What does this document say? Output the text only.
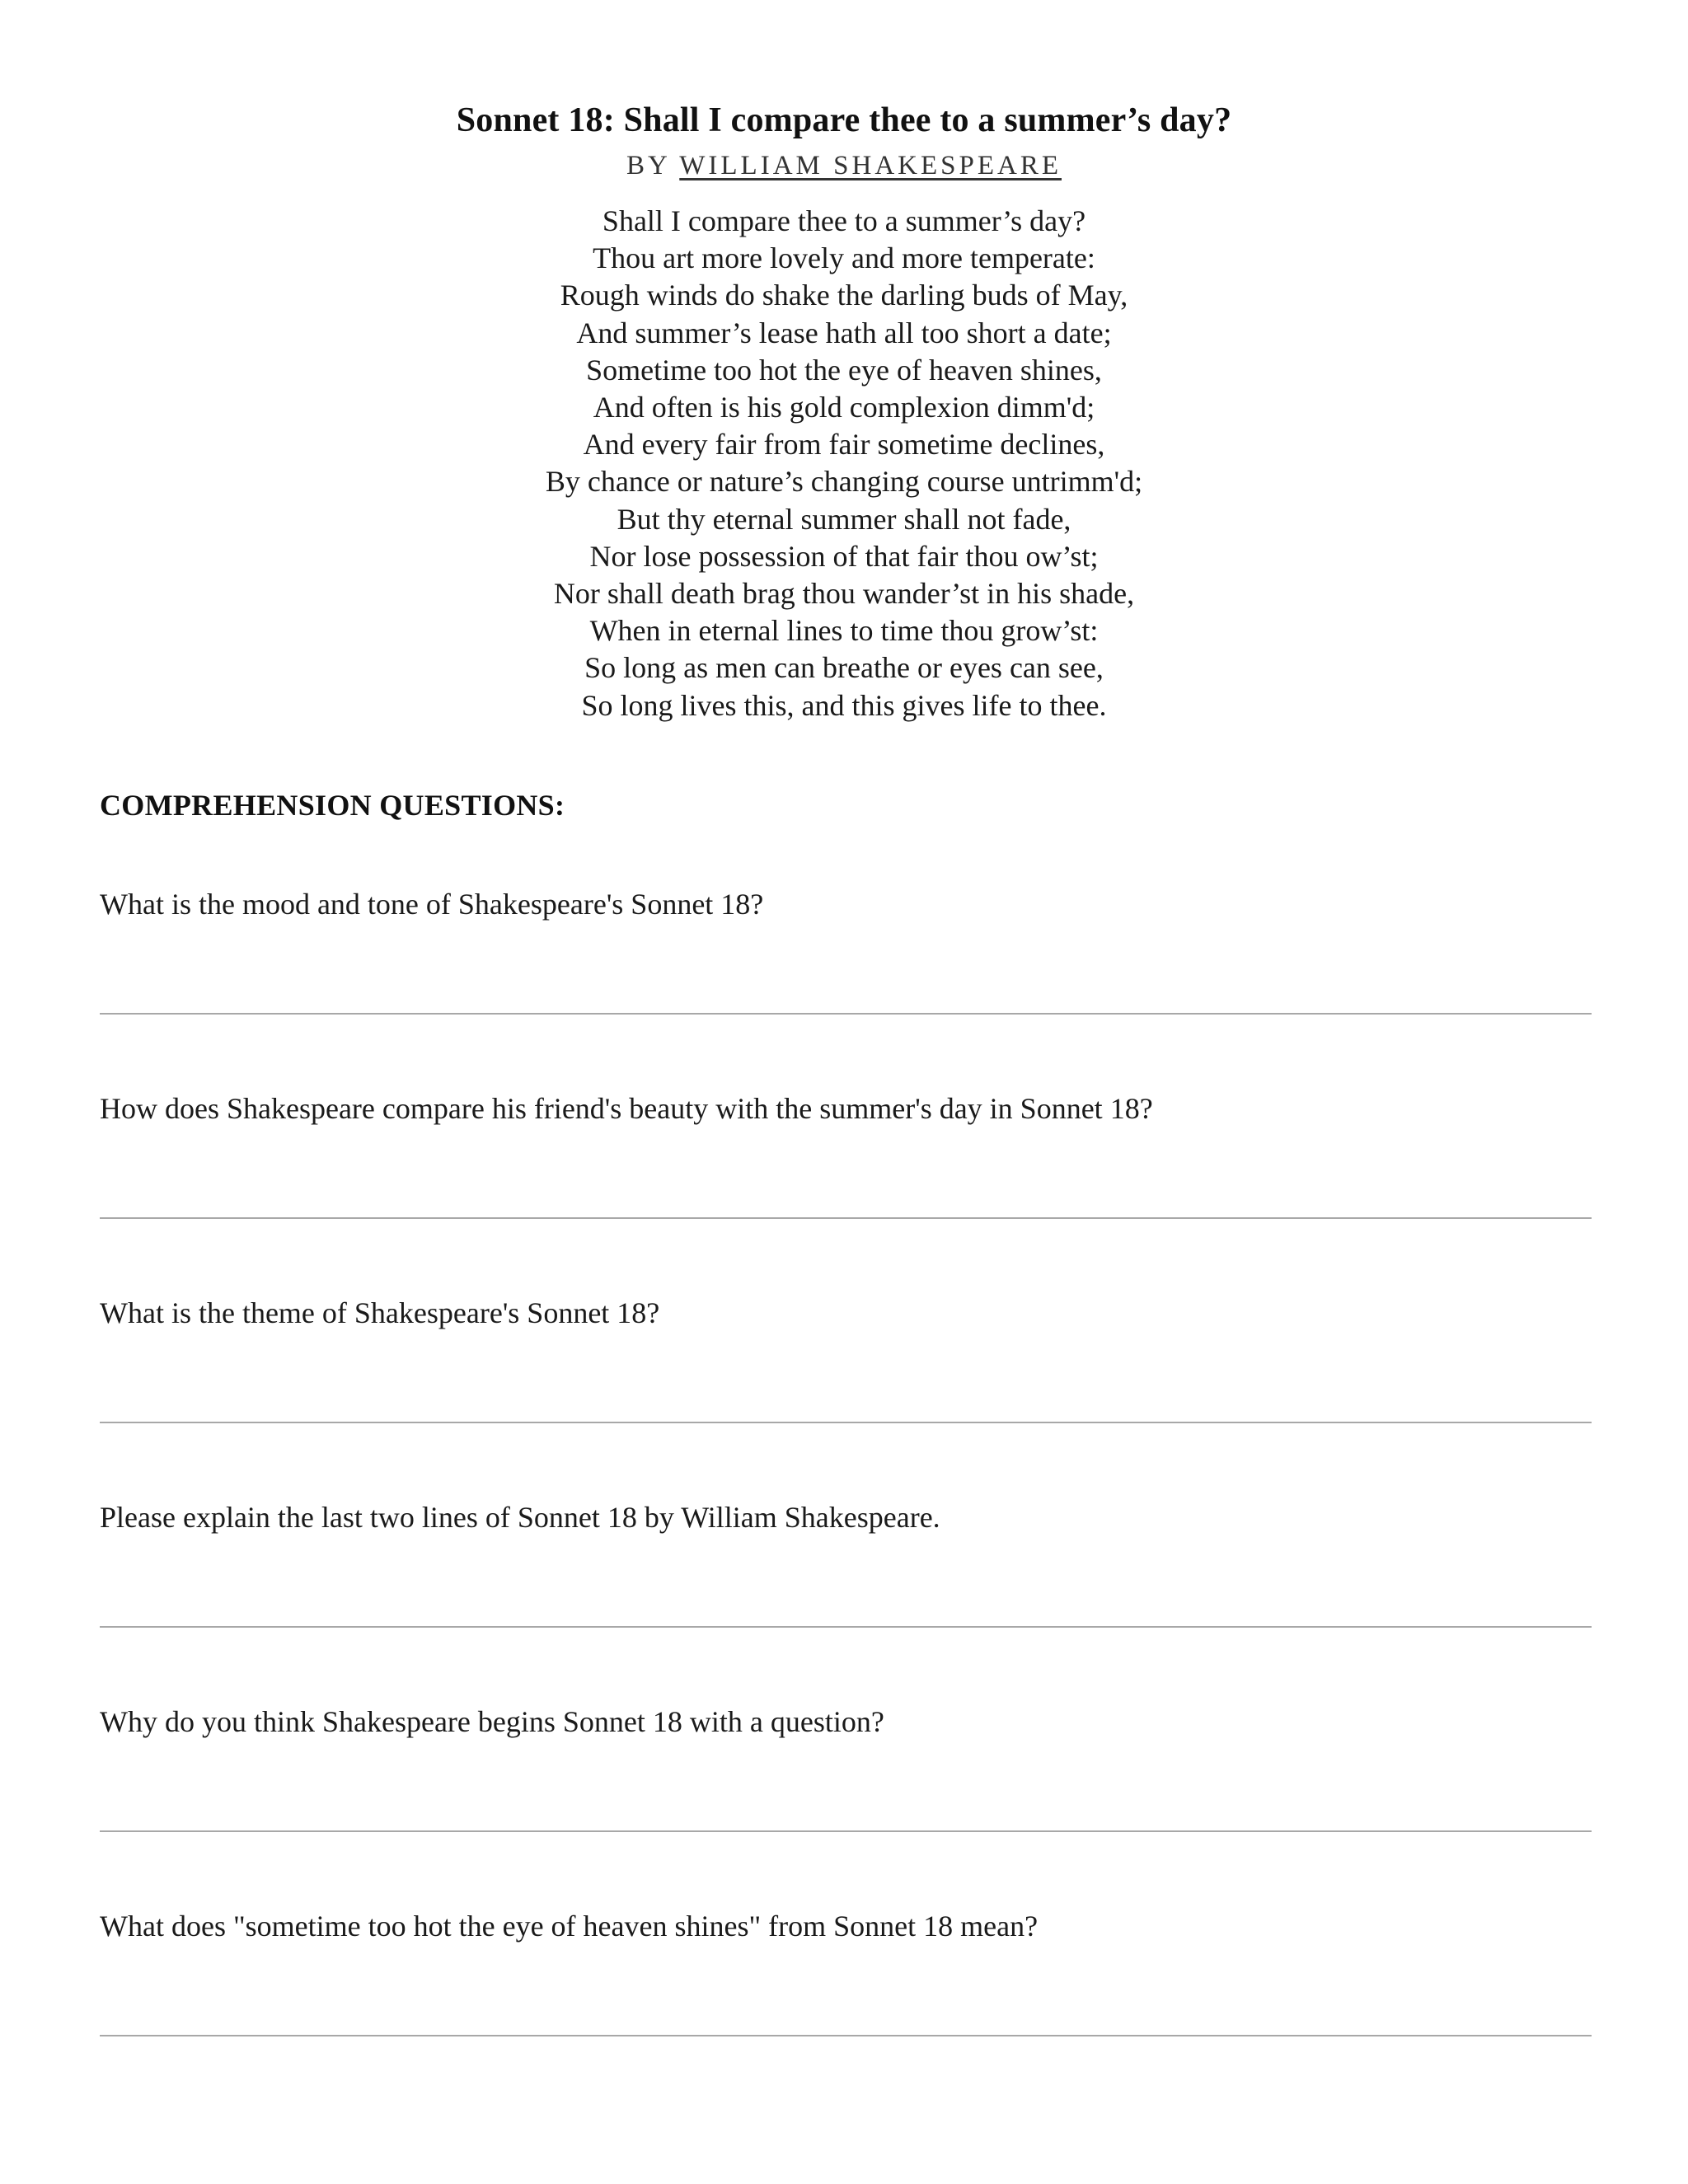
Sonnet 18: Shall I compare thee to a summer’s day?
BY WILLIAM SHAKESPEARE
Shall I compare thee to a summer’s day?
Thou art more lovely and more temperate:
Rough winds do shake the darling buds of May,
And summer’s lease hath all too short a date;
Sometime too hot the eye of heaven shines,
And often is his gold complexion dimm'd;
And every fair from fair sometime declines,
By chance or nature’s changing course untrimm'd;
But thy eternal summer shall not fade,
Nor lose possession of that fair thou ow’st;
Nor shall death brag thou wander’st in his shade,
When in eternal lines to time thou grow’st:
So long as men can breathe or eyes can see,
So long lives this, and this gives life to thee.
COMPREHENSION QUESTIONS:
What is the mood and tone of Shakespeare's Sonnet 18?
How does Shakespeare compare his friend's beauty with the summer's day in Sonnet 18?
What is the theme of Shakespeare's Sonnet 18?
Please explain the last two lines of Sonnet 18 by William Shakespeare.
Why do you think Shakespeare begins Sonnet 18 with a question?
What does "sometime too hot the eye of heaven shines" from Sonnet 18 mean?
